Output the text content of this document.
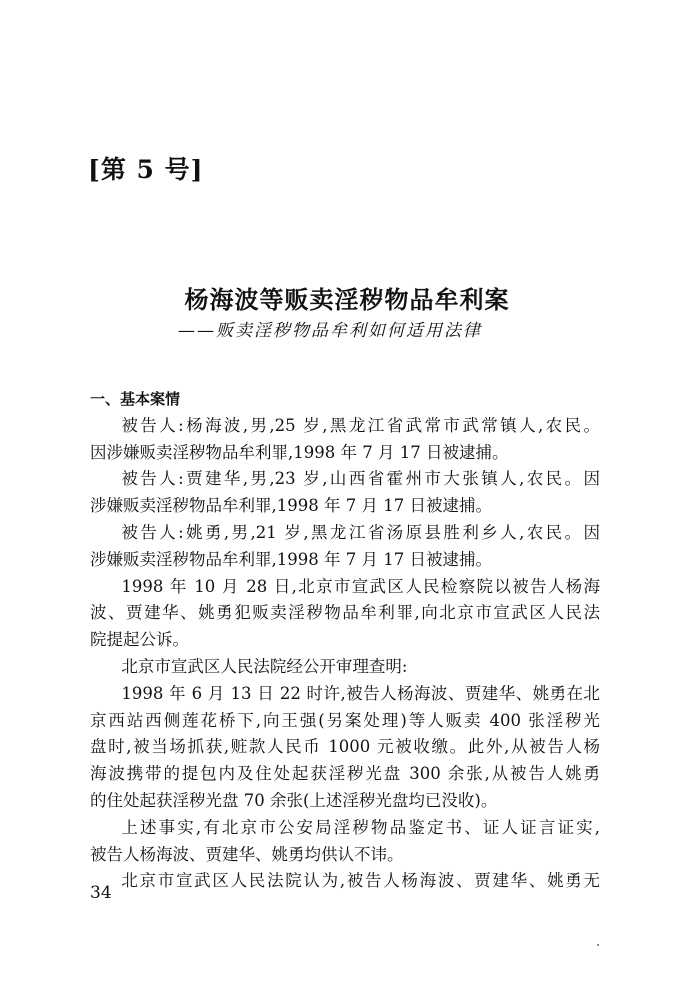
[第 5 号]
杨海波等贩卖淫秽物品牟利案
——贩卖淫秽物品牟利如何适用法律
一、基本案情
被告人:杨海波,男,25 岁,黑龙江省武常市武常镇人,农民。
因涉嫌贩卖淫秽物品牟利罪,1998 年 7 月 17 日被逮捕。
被告人:贾建华,男,23 岁,山西省霍州市大张镇人,农民。因
涉嫌贩卖淫秽物品牟利罪,1998 年 7 月 17 日被逮捕。
被告人:姚勇,男,21 岁,黑龙江省汤原县胜利乡人,农民。因
涉嫌贩卖淫秽物品牟利罪,1998 年 7 月 17 日被逮捕。
1998 年 10 月 28 日,北京市宣武区人民检察院以被告人杨海
波、贾建华、姚勇犯贩卖淫秽物品牟利罪,向北京市宣武区人民法
院提起公诉。
北京市宣武区人民法院经公开审理查明:
1998 年 6 月 13 日 22 时许,被告人杨海波、贾建华、姚勇在北
京西站西侧莲花桥下,向王强(另案处理)等人贩卖 400 张淫秽光
盘时,被当场抓获,赃款人民币 1000 元被收缴。此外,从被告人杨
海波携带的提包内及住处起获淫秽光盘 300 余张,从被告人姚勇
的住处起获淫秽光盘 70 余张(上述淫秽光盘均已没收)。
上述事实,有北京市公安局淫秽物品鉴定书、证人证言证实,
被告人杨海波、贾建华、姚勇均供认不讳。
北京市宣武区人民法院认为,被告人杨海波、贾建华、姚勇无
34
